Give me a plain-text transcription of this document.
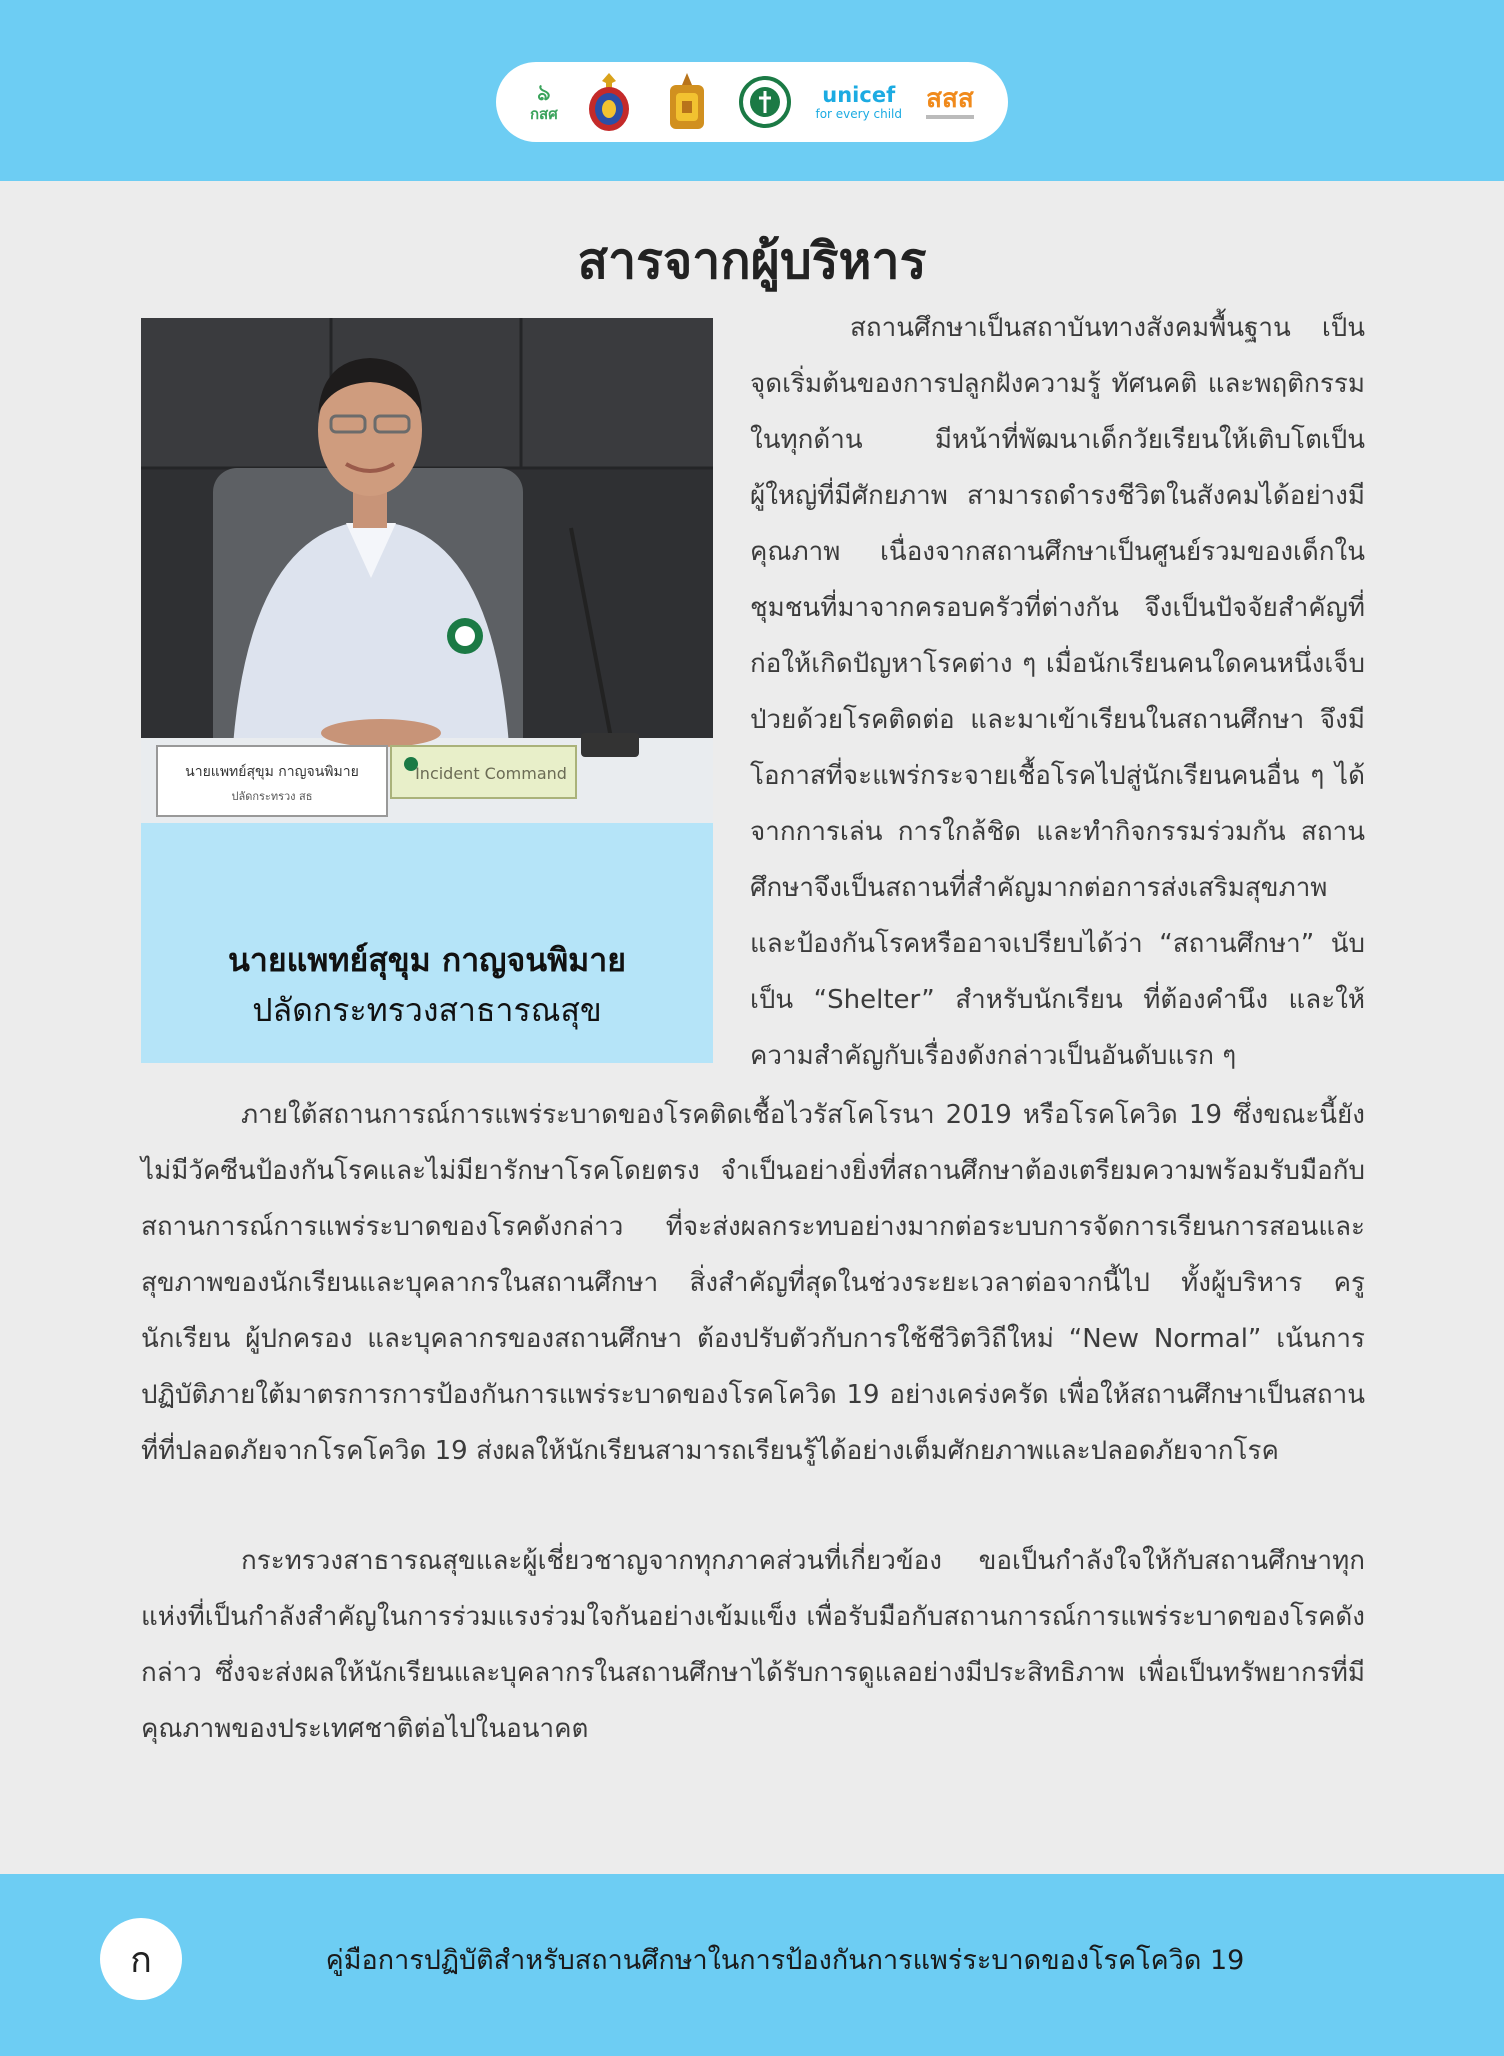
ঌ
กสศ
unicef
for every child สสส
สารจากผู้บริหาร
นายแพทย์สุขุม กาญจนพิมาย
ปลัดกระทรวง สธ
Incident Command
นายแพทย์สุขุม กาญจนพิมาย
ปลัดกระทรวงสาธารณสุข

สถานศึกษาเป็นสถาบันทางสังคมพื้นฐาน เป็นจุดเริ่มต้นของการปลูกฝังความรู้ ทัศนคติ และพฤติกรรมในทุกด้าน มีหน้าที่พัฒนาเด็กวัยเรียนให้เติบโตเป็นผู้ใหญ่ที่มีศักยภาพ สามารถดำรงชีวิตในสังคมได้อย่างมีคุณภาพ เนื่องจากสถานศึกษาเป็นศูนย์รวมของเด็กในชุมชนที่มาจากครอบครัวที่ต่างกัน จึงเป็นปัจจัยสำคัญที่ก่อให้เกิดปัญหาโรคต่าง ๆ เมื่อนักเรียนคนใดคนหนึ่งเจ็บป่วยด้วยโรคติดต่อ และมาเข้าเรียนในสถานศึกษา จึงมีโอกาสที่จะแพร่กระจายเชื้อโรคไปสู่นักเรียนคนอื่น ๆ ได้ จากการเล่น การใกล้ชิด และทำกิจกรรมร่วมกัน สถานศึกษาจึงเป็นสถานที่สำคัญมากต่อการส่งเสริมสุขภาพ และป้องกันโรคหรืออาจเปรียบได้ว่า “สถานศึกษา” นับเป็น “Shelter” สำหรับนักเรียน ที่ต้องคำนึง และให้ความสำคัญกับเรื่องดังกล่าวเป็นอันดับแรก ๆ

ภายใต้สถานการณ์การแพร่ระบาดของโรคติดเชื้อไวรัสโคโรนา 2019 หรือโรคโควิด 19 ซึ่งขณะนี้ยังไม่มีวัคซีนป้องกันโรคและไม่มียารักษาโรคโดยตรง จำเป็นอย่างยิ่งที่สถานศึกษาต้องเตรียมความพร้อมรับมือกับสถานการณ์การแพร่ระบาดของโรคดังกล่าว ที่จะส่งผลกระทบอย่างมากต่อระบบการจัดการเรียนการสอนและสุขภาพของนักเรียนและบุคลากรในสถานศึกษา สิ่งสำคัญที่สุดในช่วงระยะเวลาต่อจากนี้ไป ทั้งผู้บริหาร ครู นักเรียน ผู้ปกครอง และบุคลากรของสถานศึกษา ต้องปรับตัวกับการใช้ชีวิตวิถีใหม่ “New Normal” เน้นการปฏิบัติภายใต้มาตรการการป้องกันการแพร่ระบาดของโรคโควิด 19 อย่างเคร่งครัด เพื่อให้สถานศึกษาเป็นสถานที่ที่ปลอดภัยจากโรคโควิด 19 ส่งผลให้นักเรียนสามารถเรียนรู้ได้อย่างเต็มศักยภาพและปลอดภัยจากโรค

กระทรวงสาธารณสุขและผู้เชี่ยวชาญจากทุกภาคส่วนที่เกี่ยวข้อง ขอเป็นกำลังใจให้กับสถานศึกษาทุกแห่งที่เป็นกำลังสำคัญในการร่วมแรงร่วมใจกันอย่างเข้มแข็ง เพื่อรับมือกับสถานการณ์การแพร่ระบาดของโรคดังกล่าว ซึ่งจะส่งผลให้นักเรียนและบุคลากรในสถานศึกษาได้รับการดูแลอย่างมีประสิทธิภาพ เพื่อเป็นทรัพยากรที่มีคุณภาพของประเทศชาติต่อไปในอนาคต

ก	คู่มือการปฏิบัติสำหรับสถานศึกษาในการป้องกันการแพร่ระบาดของโรคโควิด 19
